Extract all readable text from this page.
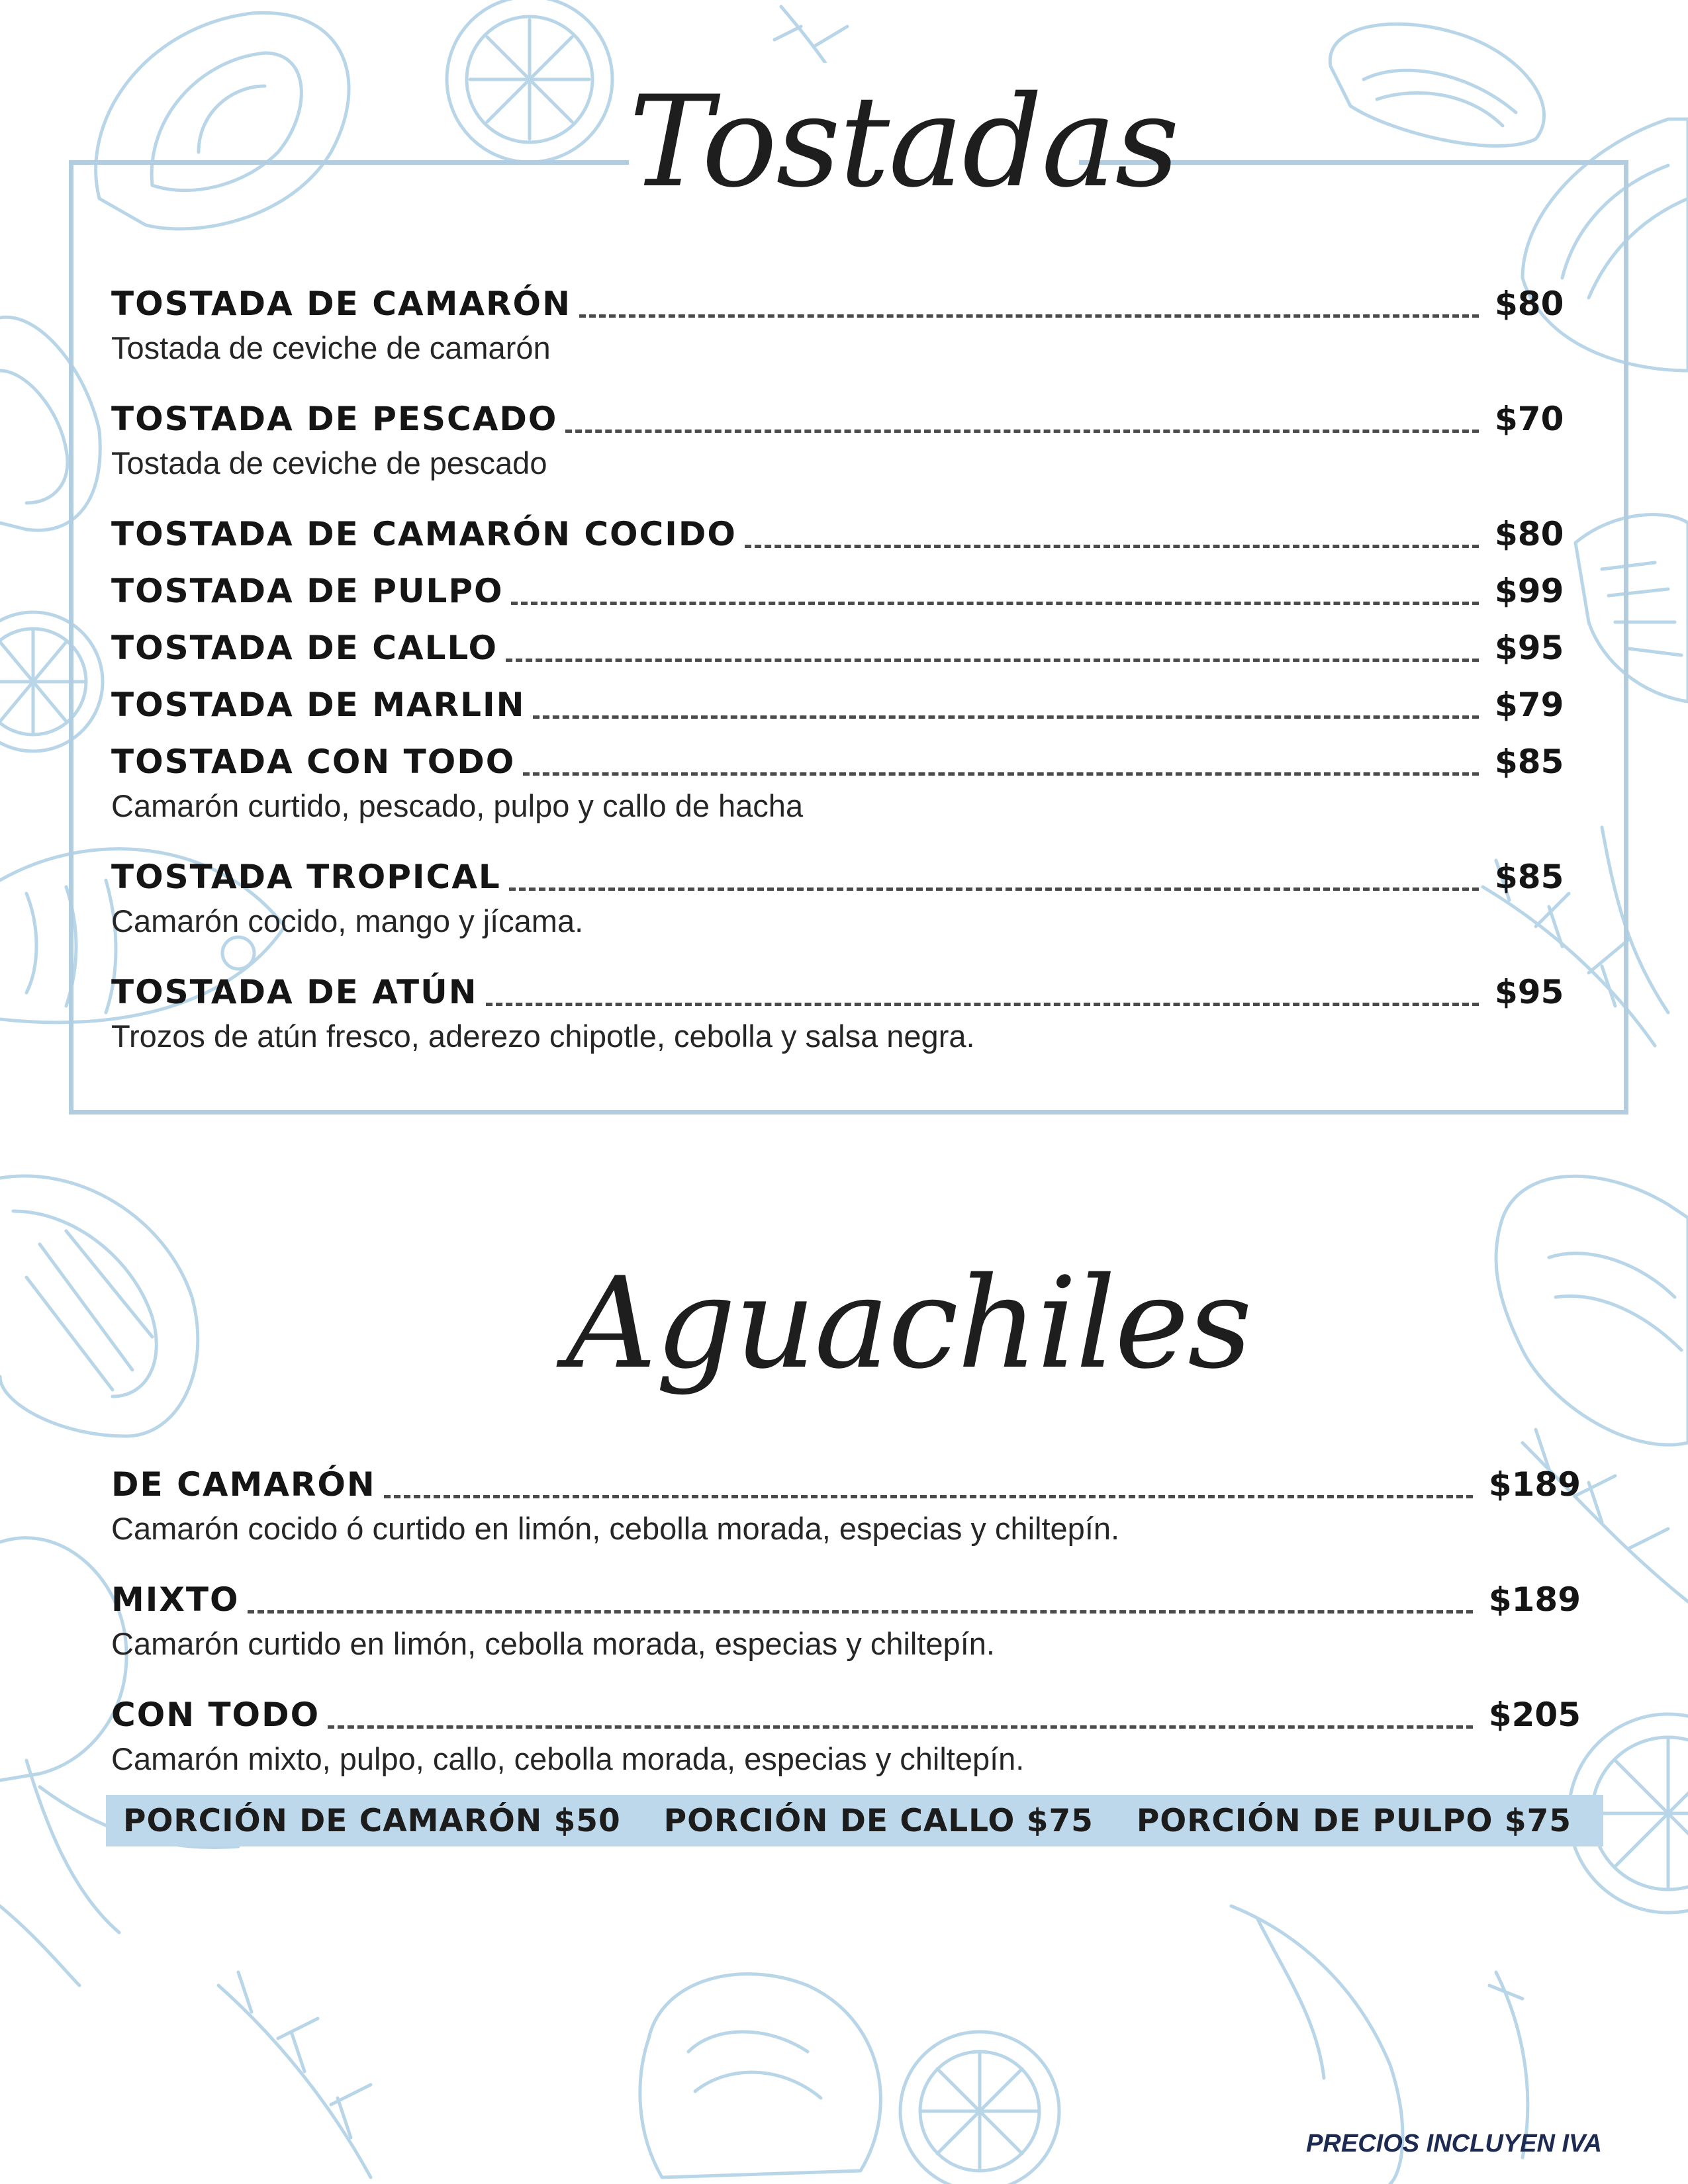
Tostadas
TOSTADA DE CAMARÓN	$80
Tostada de ceviche de camarón
TOSTADA DE PESCADO	$70
Tostada de ceviche de pescado
TOSTADA DE CAMARÓN COCIDO	$80
TOSTADA DE PULPO	$99
TOSTADA DE CALLO	$95
TOSTADA DE MARLIN	$79
TOSTADA CON TODO	$85
Camarón curtido, pescado, pulpo y callo de hacha
TOSTADA TROPICAL	$85
Camarón cocido, mango y jícama.
TOSTADA DE ATÚN	$95
Trozos de atún fresco, aderezo chipotle, cebolla y salsa negra.
Aguachiles
DE CAMARÓN	$189
Camarón cocido ó curtido en limón, cebolla morada, especias y chiltepín.
MIXTO	$189
Camarón curtido en limón, cebolla morada, especias y chiltepín.
CON TODO	$205
Camarón mixto, pulpo, callo, cebolla morada, especias y chiltepín.
PORCIÓN DE CAMARÓN $50 PORCIÓN DE CALLO $75 PORCIÓN DE PULPO $75
PRECIOS INCLUYEN IVA
